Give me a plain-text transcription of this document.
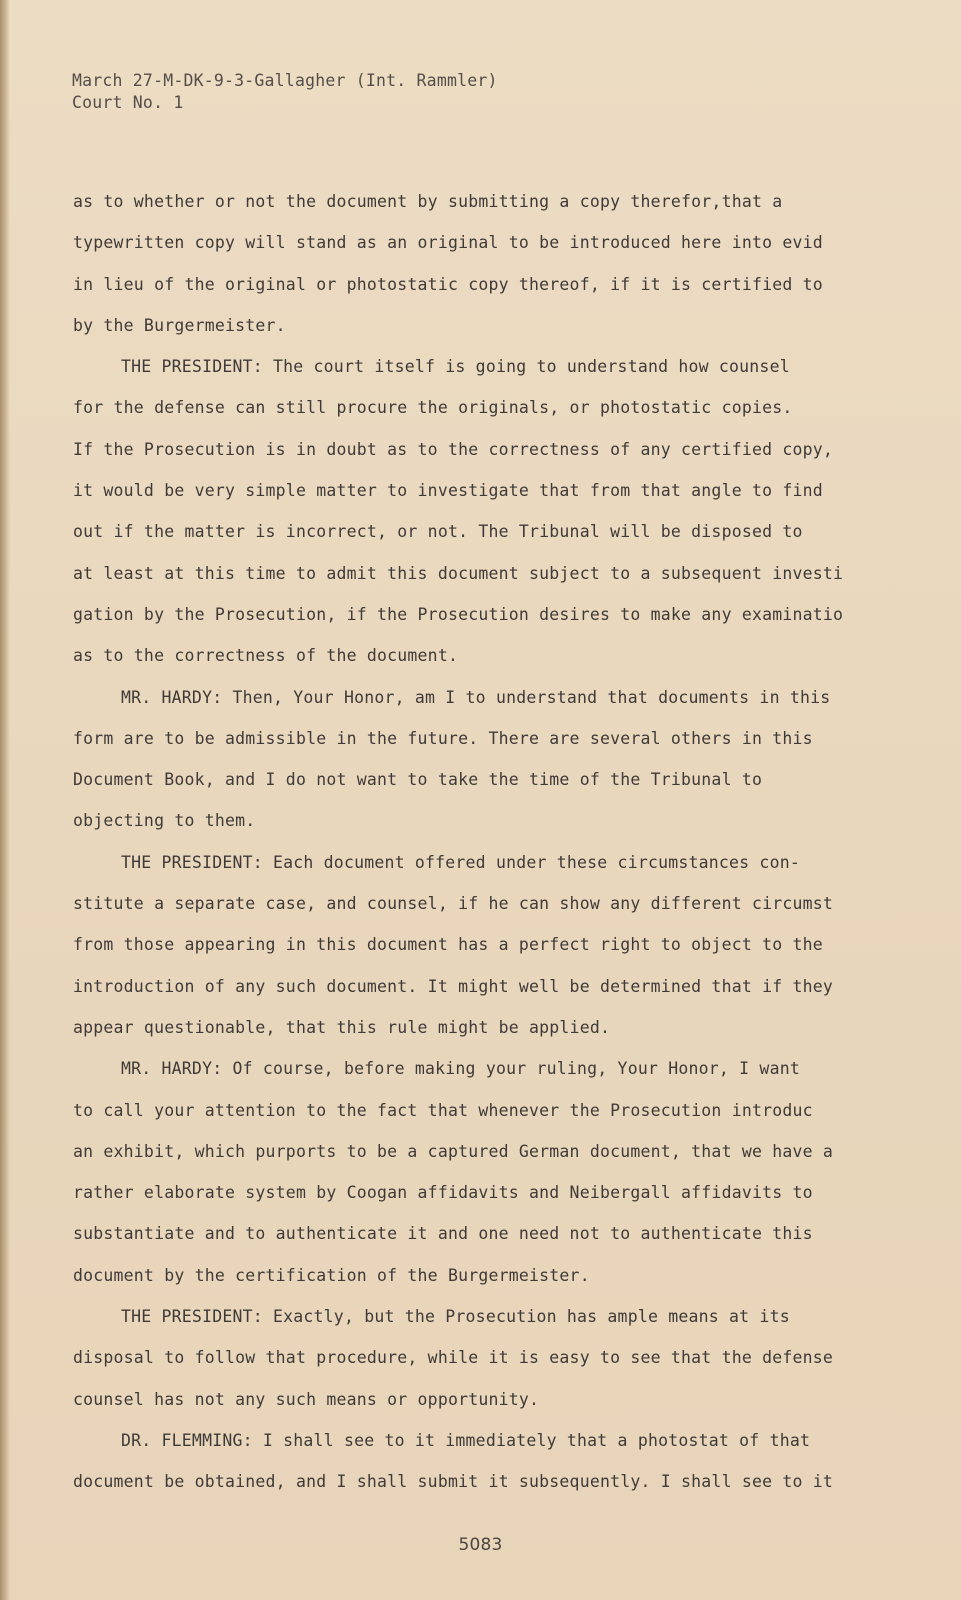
March 27-M-DK-9-3-Gallagher (Int. Rammler)
Court No. 1
as to whether or not the document by submitting a copy therefor,that a
typewritten copy will stand as an original to be introduced here into evid
in lieu of the original or photostatic copy thereof, if it is certified to
by the Burgermeister.
THE PRESIDENT: The court itself is going to understand how counsel
for the defense can still procure the originals, or photostatic copies.
If the Prosecution is in doubt as to the correctness of any certified copy,
it would be very simple matter to investigate that from that angle to find
out if the matter is incorrect, or not. The Tribunal will be disposed to
at least at this time to admit this document subject to a subsequent investi
gation by the Prosecution, if the Prosecution desires to make any examinatio
as to the correctness of the document.
MR. HARDY: Then, Your Honor, am I to understand that documents in this
form are to be admissible in the future. There are several others in this
Document Book, and I do not want to take the time of the Tribunal to
objecting to them.
THE PRESIDENT: Each document offered under these circumstances con-
stitute a separate case, and counsel, if he can show any different circumst
from those appearing in this document has a perfect right to object to the
introduction of any such document. It might well be determined that if they
appear questionable, that this rule might be applied.
MR. HARDY: Of course, before making your ruling, Your Honor, I want
to call your attention to the fact that whenever the Prosecution introduc
an exhibit, which purports to be a captured German document, that we have a
rather elaborate system by Coogan affidavits and Neibergall affidavits to
substantiate and to authenticate it and one need not to authenticate this
document by the certification of the Burgermeister.
THE PRESIDENT: Exactly, but the Prosecution has ample means at its
disposal to follow that procedure, while it is easy to see that the defense
counsel has not any such means or opportunity.
DR. FLEMMING: I shall see to it immediately that a photostat of that
document be obtained, and I shall submit it subsequently. I shall see to it
5083
